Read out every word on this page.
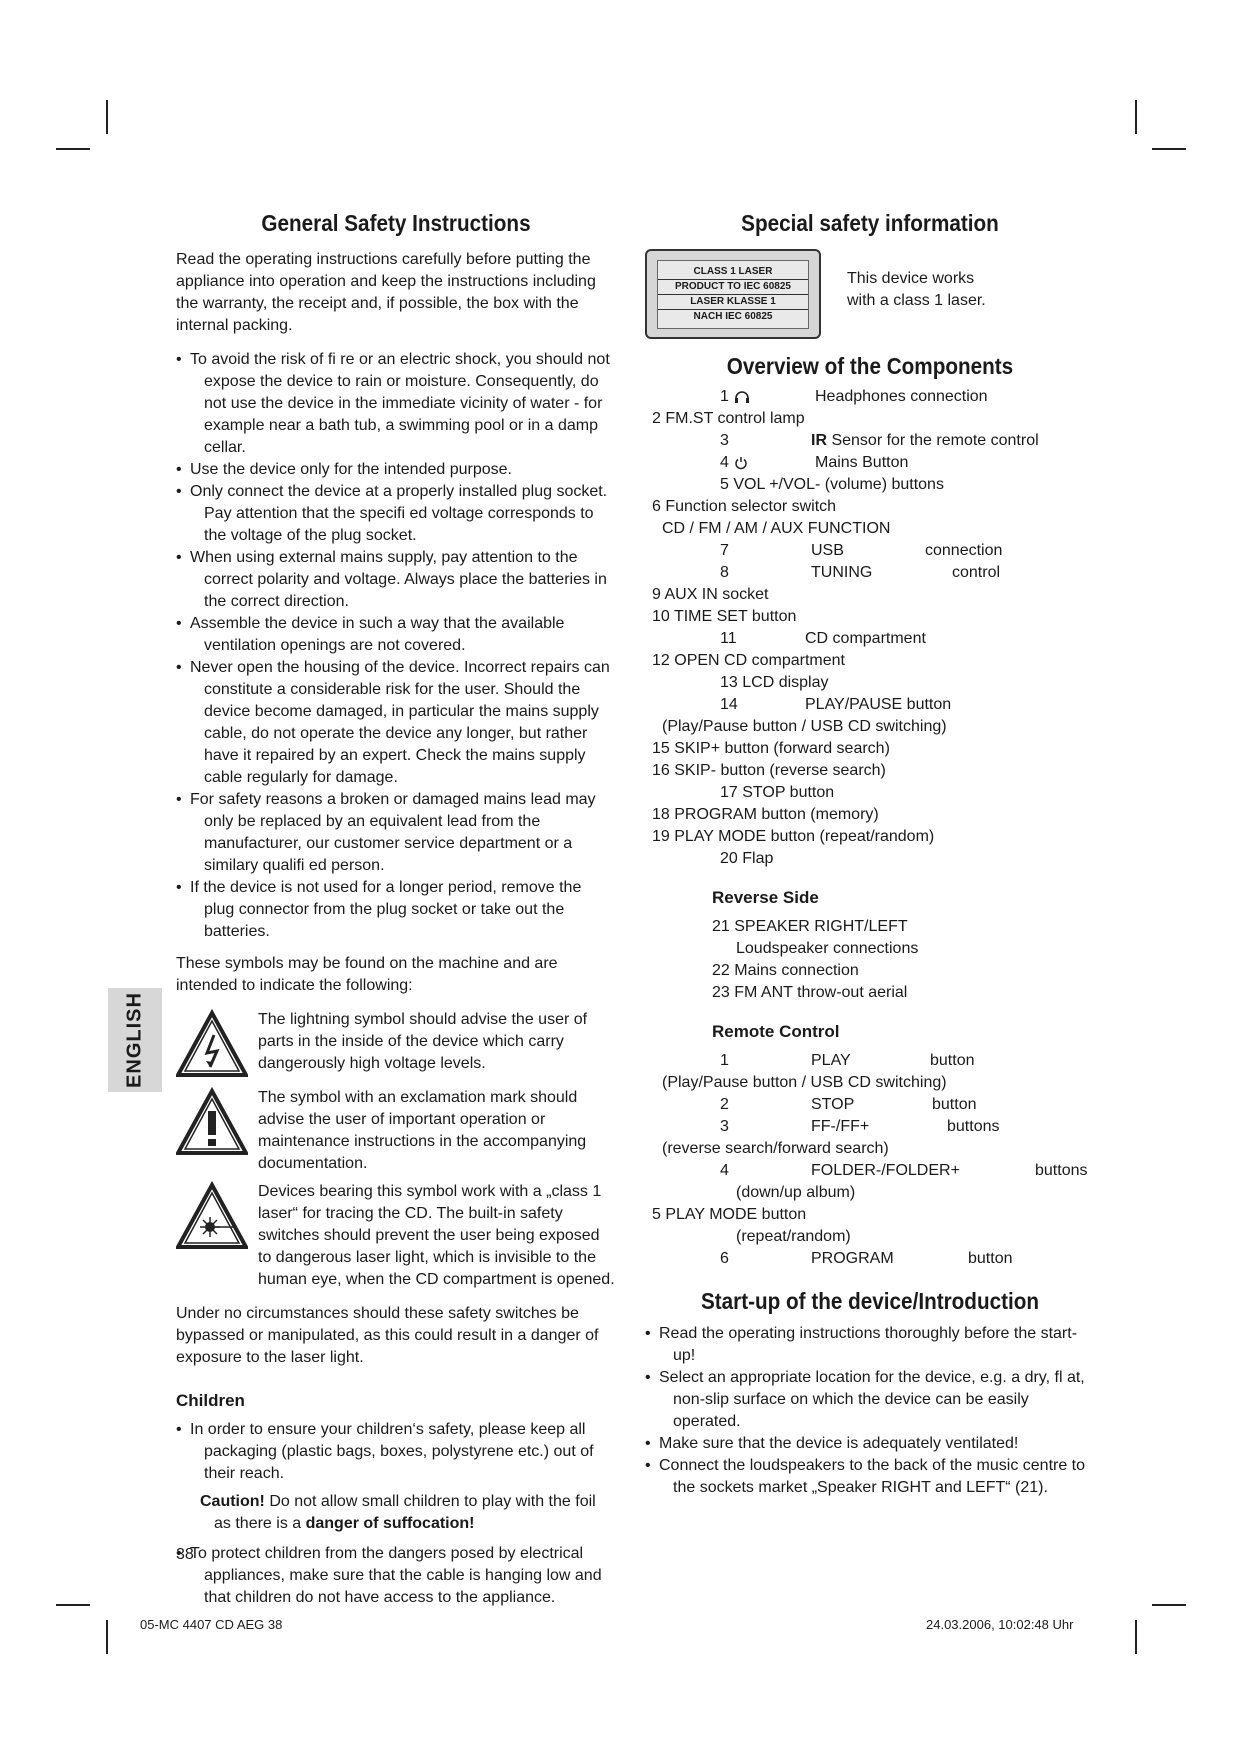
ENGLISH
General Safety Instructions

Read the operating instructions carefully before putting the appliance into operation and keep the instructions including the warranty, the receipt and, if possible, the box with the internal packing.

• To avoid the risk of fi re or an electric shock, you should not expose the device to rain or moisture. Consequently, do not use the device in the immediate vicinity of water - for example near a bath tub, a swimming pool or in a damp cellar.
• Use the device only for the intended purpose.
• Only connect the device at a properly installed plug socket. Pay attention that the specifi ed voltage corresponds to the voltage of the plug socket.
• When using external mains supply, pay attention to the correct polarity and voltage. Always place the batteries in the correct direction.
• Assemble the device in such a way that the available ventilation openings are not covered.
• Never open the housing of the device. Incorrect repairs can constitute a considerable risk for the user. Should the device become damaged, in particular the mains supply cable, do not operate the device any longer, but rather have it repaired by an expert. Check the mains supply cable regularly for damage.
• For safety reasons a broken or damaged mains lead may only be replaced by an equivalent lead from the manufacturer, our customer service department or a similary qualifi ed person.
• If the device is not used for a longer period, remove the plug connector from the plug socket or take out the batteries.

These symbols may be found on the machine and are intended to indicate the following:

The lightning symbol should advise the user of parts in the inside of the device which carry dangerously high voltage levels.

The symbol with an exclamation mark should advise the user of important operation or maintenance instructions in the accompanying documentation.

Devices bearing this symbol work with a „class 1 laser“ for tracing the CD. The built-in safety switches should prevent the user being exposed to dangerous laser light, which is invisible to the human eye, when the CD compartment is opened.

Under no circumstances should these safety switches be bypassed or manipulated, as this could result in a danger of exposure to the laser light.

Children
• In order to ensure your children‘s safety, please keep all packaging (plastic bags, boxes, polystyrene etc.) out of their reach.

Caution! Do not allow small children to play with the foil as there is a danger of suffocation!

• To protect children from the dangers posed by electrical appliances, make sure that the cable is hanging low and that children do not have access to the appliance.
Special safety information
CLASS 1 LASER
PRODUCT TO IEC 60825
LASER KLASSE 1
NACH IEC 60825

This device works with a class 1 laser.

Overview of the Components
1	Headphones connection
2 FM.ST control lamp
3	IR Sensor for the remote control
4	Mains Button
5 VOL +/VOL- (volume) buttons
6 Function selector switch
CD / FM / AM / AUX FUNCTION
7	USB	connection
8	TUNING	control
9 AUX IN socket
10 TIME SET button
11	CD compartment
12 OPEN CD compartment
13 LCD display
14	PLAY/PAUSE button
(Play/Pause button / USB CD switching)
15 SKIP+ button (forward search)
16 SKIP- button (reverse search)
17 STOP button
18 PROGRAM button (memory)
19 PLAY MODE button (repeat/random)
20 Flap
Reverse Side
21 SPEAKER RIGHT/LEFT
Loudspeaker connections
22 Mains connection
23 FM ANT throw-out aerial
Remote Control
1	PLAY	button
(Play/Pause button / USB CD switching)
2	STOP	button
3	FF-/FF+	buttons
(reverse search/forward search)
4	FOLDER-/FOLDER+	buttons
(down/up album)
5 PLAY MODE button
(repeat/random)
6	PROGRAM	button
Start-up of the device/Introduction
• Read the operating instructions thoroughly before the start-up!
• Select an appropriate location for the device, e.g. a dry, fl at, non-slip surface on which the device can be easily operated.
• Make sure that the device is adequately ventilated!
• Connect the loudspeakers to the back of the music centre to the sockets market „Speaker RIGHT and LEFT“ (21).
38
05-MC 4407 CD AEG 38	24.03.2006, 10:02:48 Uhr
